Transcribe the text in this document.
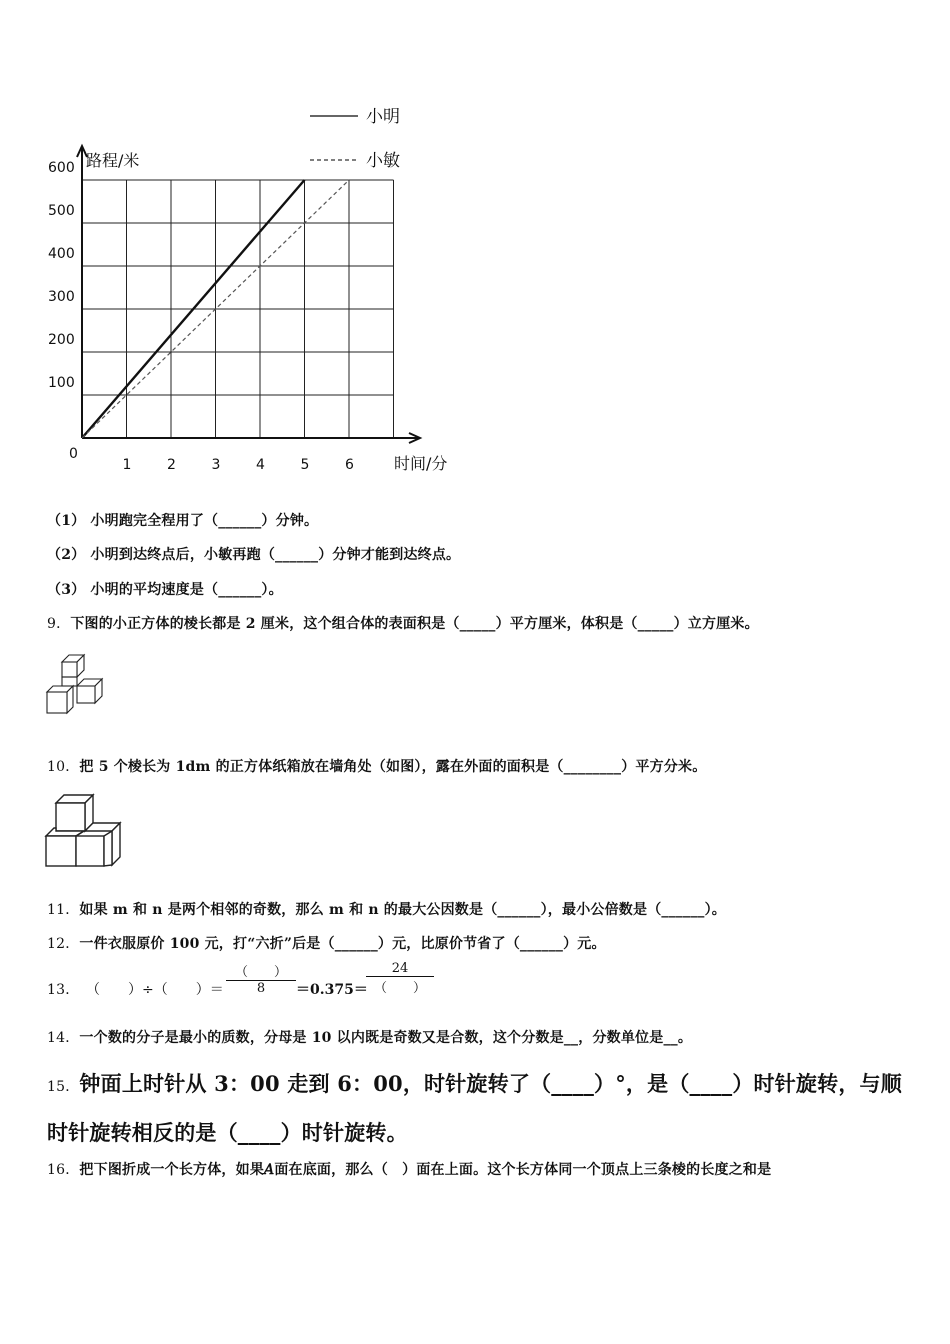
路程/米
时间/分
0
1	2	3	4	5	6
100
200
300
400
500
600
小明
小敏
（1） 小明跑完全程用了（______）分钟。
（2） 小明到达终点后，小敏再跑（______）分钟才能到达终点。
（3） 小明的平均速度是（______）。
9．下图的小正方体的棱长都是 2 厘米，这个组合体的表面积是（_____）平方厘米，体积是（_____）立方厘米。
10．把 5 个棱长为 1dm 的正方体纸箱放在墙角处（如图），露在外面的面积是（________）平方分米。
11．如果 m 和 n 是两个相邻的奇数，那么 m 和 n 的最大公因数是（______），最小公倍数是（______）。
12．一件衣服原价 100 元，打“六折”后是（______）元，比原价节省了（______）元。
13． （　　）÷（　　）＝
（　　）
8	＝0.375＝
24
（　　）
14．一个数的分子是最小的质数，分母是 10 以内既是奇数又是合数，这个分数是__，分数单位是__。
15．钟面上时针从 3：00 走到 6：00，时针旋转了（____）°，是（____）时针旋转，与顺
时针旋转相反的是（____）时针旋转。
16．把下图折成一个长方体，如果𝐴面在底面，那么（　）面在上面。这个长方体同一个顶点上三条棱的长度之和是
